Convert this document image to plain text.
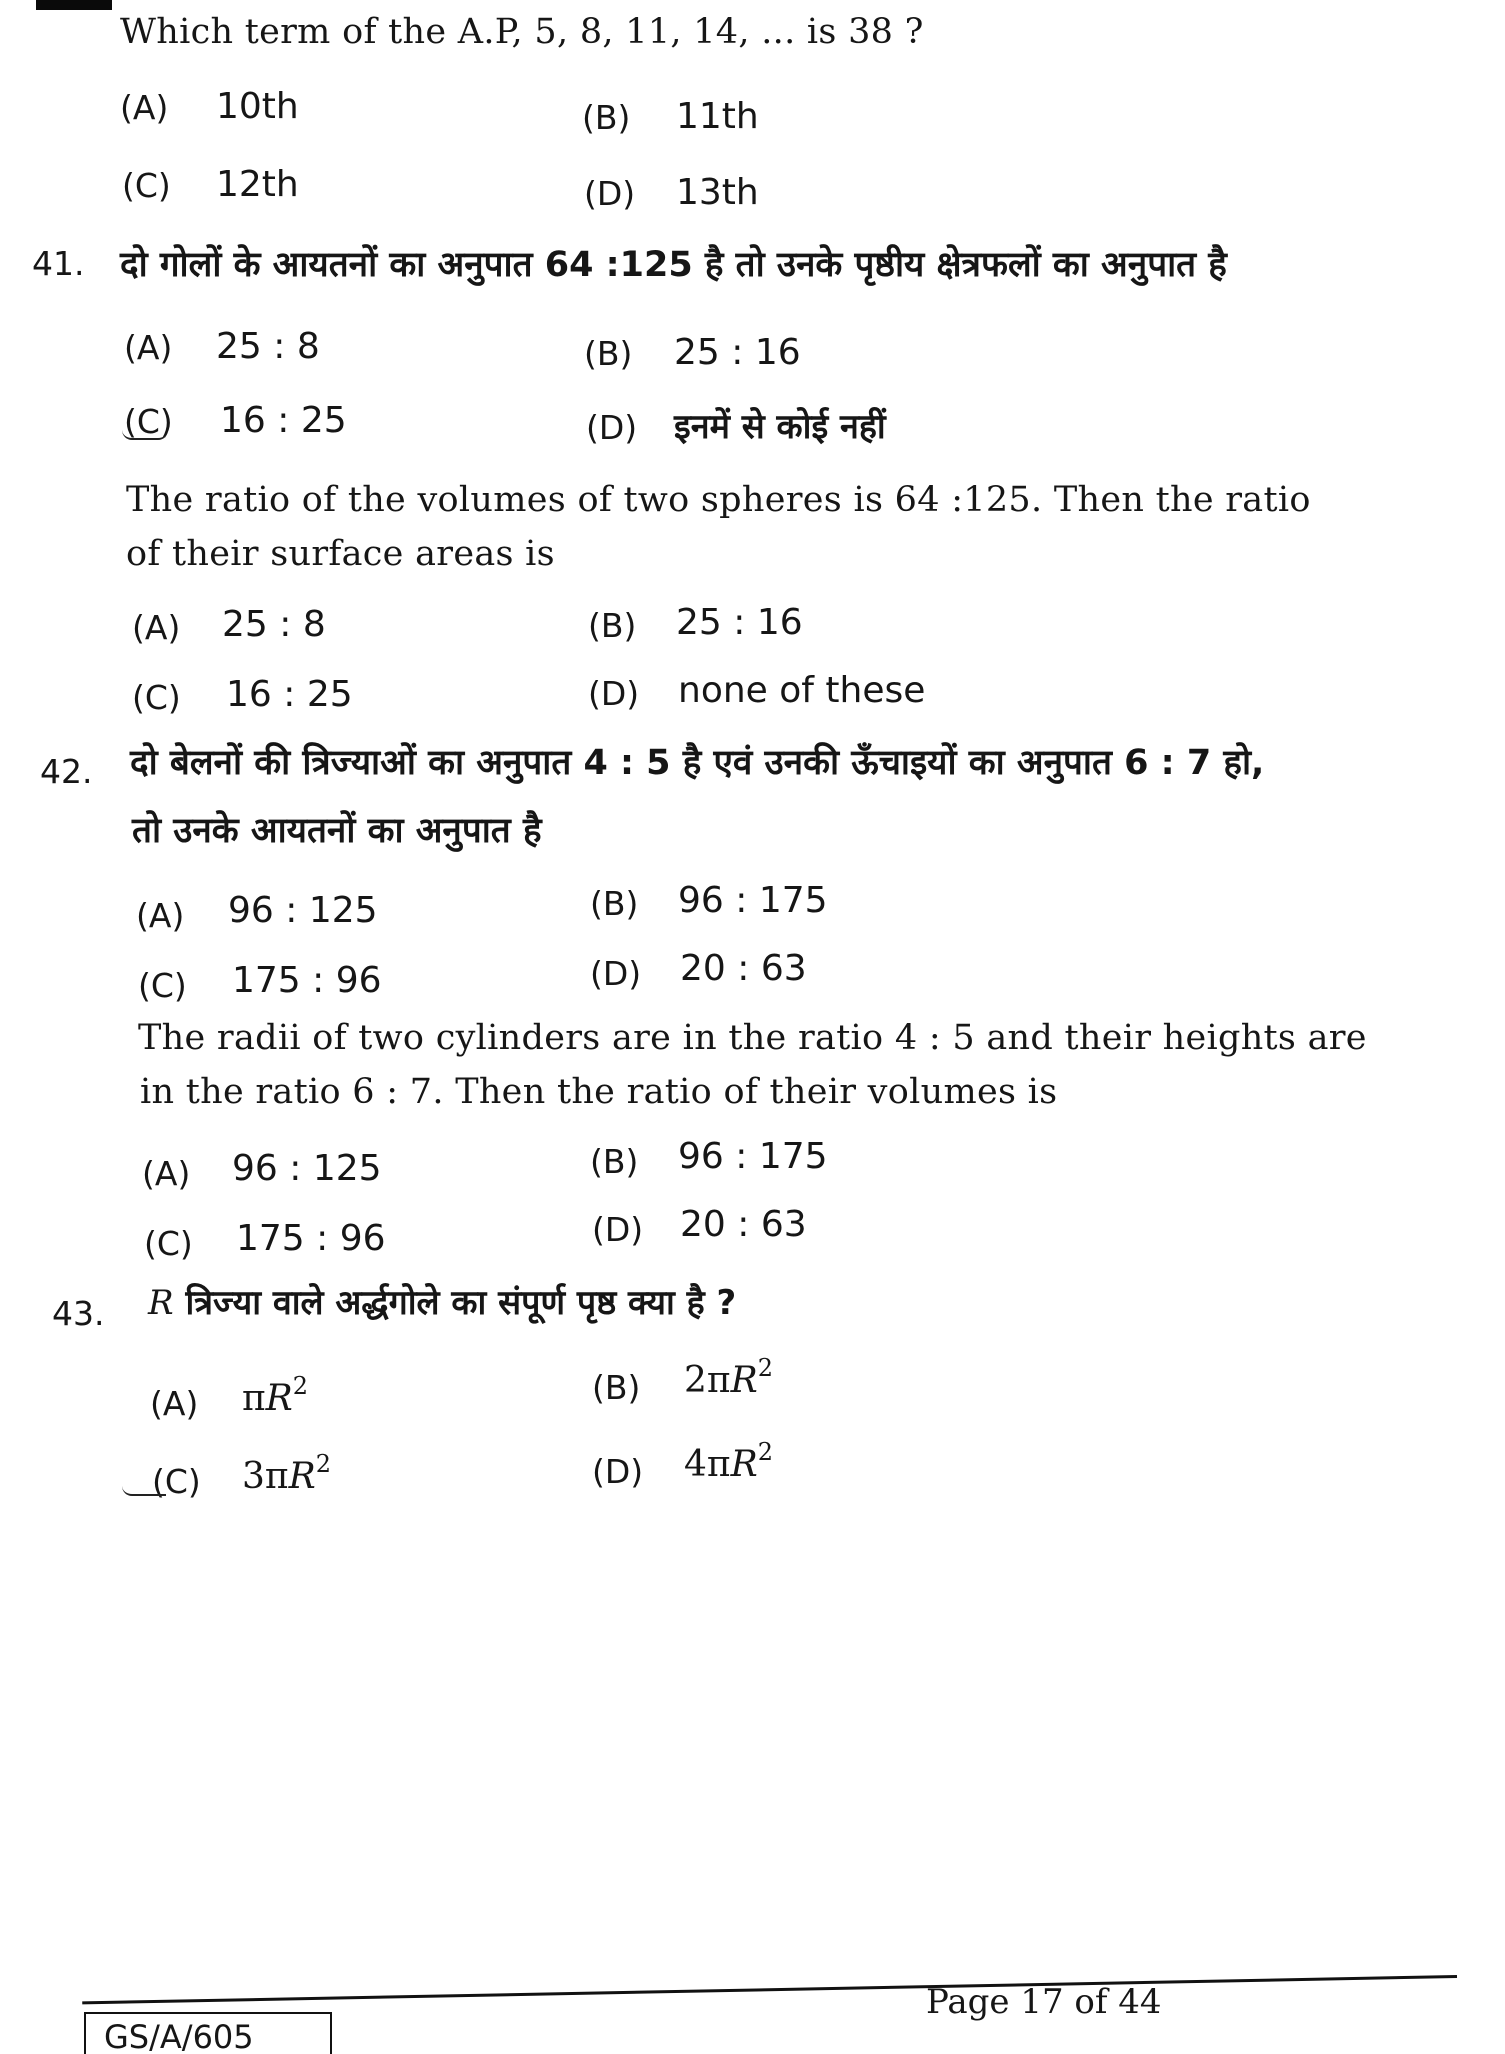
Which term of the A.P, 5, 8, 11, 14, ... is 38 ?
(A) 10th	(B) 11th
(C) 12th	(D) 13th
41. दो गोलों के आयतनों का अनुपात 64 :125 है तो उनके पृष्ठीय क्षेत्रफलों का अनुपात है
(A) 25 : 8	(B) 25 : 16
(C) 16 : 25	(D) इनमें से कोई नहीं
The ratio of the volumes of two spheres is 64 :125. Then the ratio
of their surface areas is
(A) 25 : 8	(B) 25 : 16
(C) 16 : 25	(D) none of these
42. दो बेलनों की त्रिज्याओं का अनुपात 4 : 5 है एवं उनकी ऊँचाइयों का अनुपात 6 : 7 हो,
तो उनके आयतनों का अनुपात है
(A) 96 : 125	(B) 96 : 175
(C) 175 : 96	(D) 20 : 63
The radii of two cylinders are in the ratio 4 : 5 and their heights are
in the ratio 6 : 7. Then the ratio of their volumes is
(A) 96 : 125	(B) 96 : 175
(C) 175 : 96	(D) 20 : 63
43. R त्रिज्या वाले अर्द्धगोले का संपूर्ण पृष्ठ क्या है ?
(A) $\pi R^2$	(B) $2\pi R^2$
(C) $3\pi R^2$	(D) $4\pi R^2$
GS/A/605
Page 17 of 44
